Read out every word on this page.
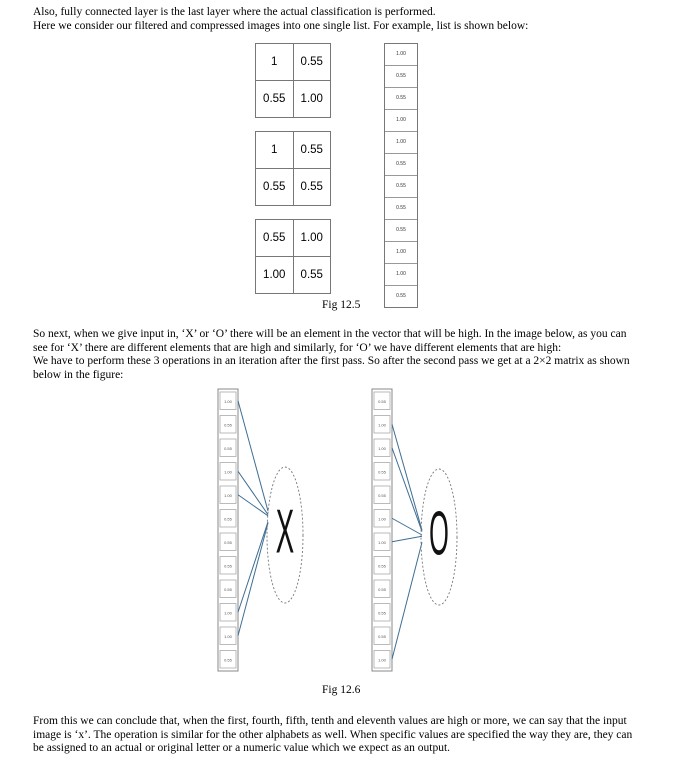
Also, fully connected layer is the last layer where the actual classification is performed.
Here we consider our filtered and compressed images into one single list. For example, list is shown below:
1	0.55
0.55	1.00
1	0.55
0.55	0.55
0.55	1.00
1.00	0.55
1.00
0.55
0.55
1.00
1.00
0.55
0.55
0.55
0.55
1.00
1.00
0.55
Fig 12.5
So next, when we give input in, ‘X’ or ‘O’ there will be an element in the vector that will be high. In the image below, as you can
see for ‘X’ there are different elements that are high and similarly, for ‘O’ we have different elements that are high:
We have to perform these 3 operations in an iteration after the first pass. So after the second pass we get at a 2×2 matrix as shown
below in the figure:
1.00
0.55
0.55
1.00
1.00
0.55
0.55
0.55
0.55
1.00
1.00
0.55
0.55
1.00
1.00
0.55
0.55
1.00
1.00
0.55
0.55
0.55
0.55
1.00
X	O
Fig 12.6
From this we can conclude that, when the first, fourth, fifth, tenth and eleventh values are high or more, we can say that the input
image is ‘x’. The operation is similar for the other alphabets as well. When specific values are specified the way they are, they can
be assigned to an actual or original letter or a numeric value which we expect as an output.
